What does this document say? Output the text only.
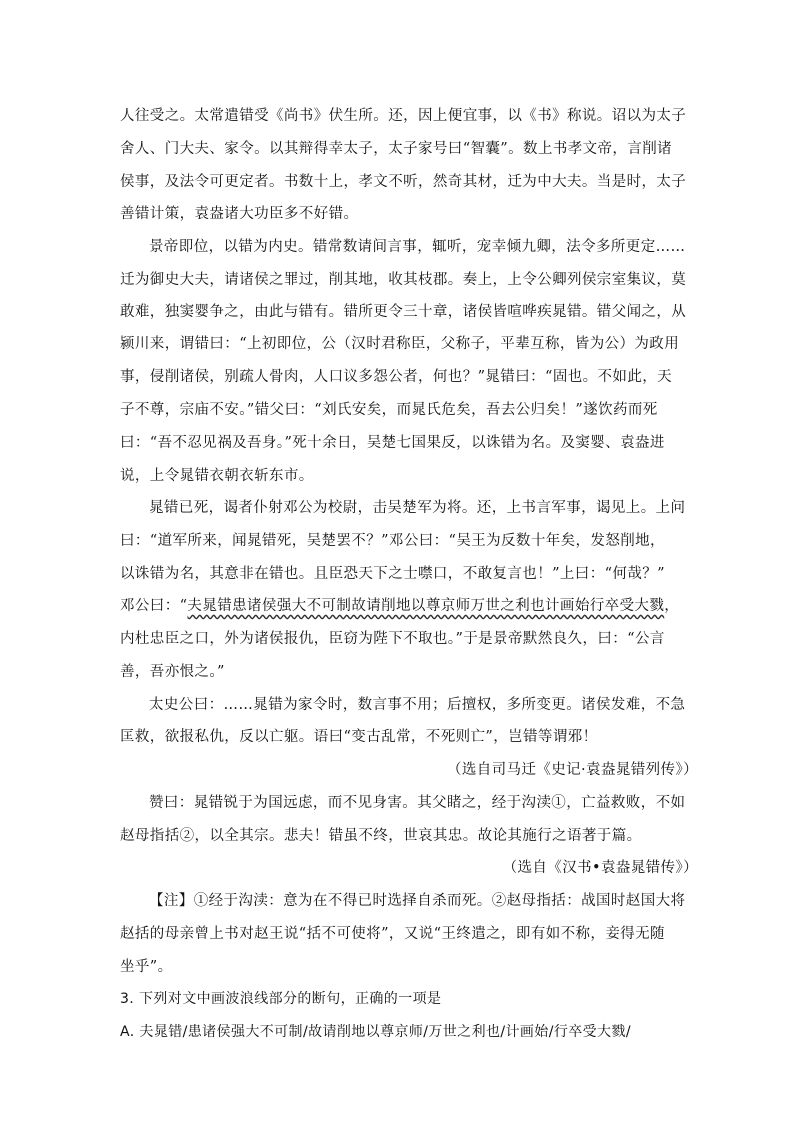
人往受之。太常遣错受《尚书》伏生所。还，因上便宜事，以《书》称说。诏以为太子
舍人、门大夫、家令。以其辩得幸太子，太子家号曰“智囊”。数上书孝文帝，言削诸
侯事，及法令可更定者。书数十上，孝文不听，然奇其材，迁为中大夫。当是时，太子
善错计策，袁盎诸大功臣多不好错。
景帝即位，以错为内史。错常数请间言事，辄听，宠幸倾九卿，法令多所更定……
迁为御史大夫，请诸侯之罪过，削其地，收其枝郡。奏上，上令公卿列侯宗室集议，莫
敢难，独窦婴争之，由此与错有。错所更令三十章，诸侯皆喧哗疾晁错。错父闻之，从
颍川来，谓错曰：“上初即位，公（汉时君称臣，父称子，平辈互称，皆为公）为政用
事，侵削诸侯，别疏人骨肉，人口议多怨公者，何也？”晁错曰：“固也。不如此，天
子不尊，宗庙不安。”错父曰：“刘氏安矣，而晁氏危矣，吾去公归矣！”遂饮药而死
曰：“吾不忍见祸及吾身。”死十余日，吴楚七国果反，以诛错为名。及窦婴、袁盎进
说，上令晁错衣朝衣斩东市。
晁错已死，谒者仆射邓公为校尉，击吴楚军为将。还，上书言军事，谒见上。上问
曰：“道军所来，闻晁错死，吴楚罢不？”邓公曰：“吴王为反数十年矣，发怒削地，
以诛错为名，其意非在错也。且臣恐天下之士噤口，不敢复言也！”上曰：“何哉？”
邓公曰：“夫晁错患诸侯强大不可制故请削地以尊京师万世之利也计画始行卒受大戮，
内杜忠臣之口，外为诸侯报仇，臣窃为陛下不取也。”于是景帝默然良久，曰：“公言
善，吾亦恨之。”
太史公曰：……晁错为家令时，数言事不用；后擅权，多所变更。诸侯发难，不急
匡救，欲报私仇，反以亡躯。语曰“变古乱常，不死则亡”，岂错等谓邪！
（选自司马迁《史记·袁盎晁错列传》）
赞曰：晁错锐于为国远虑，而不见身害。其父睹之，经于沟渎①，亡益救败，不如
赵母指括②，以全其宗。悲夫！错虽不终，世哀其忠。故论其施行之语著于篇。
（选自《汉书•袁盎晁错传》）
【注】①经于沟渎：意为在不得已时选择自杀而死。②赵母指括：战国时赵国大将
赵括的母亲曾上书对赵王说“括不可使将”，又说“王终遣之，即有如不称，妾得无随
坐乎”。
3. 下列对文中画波浪线部分的断句，正确的一项是
A. 夫晁错/患诸侯强大不可制/故请削地以尊京师/万世之利也/计画始/行卒受大戮/
